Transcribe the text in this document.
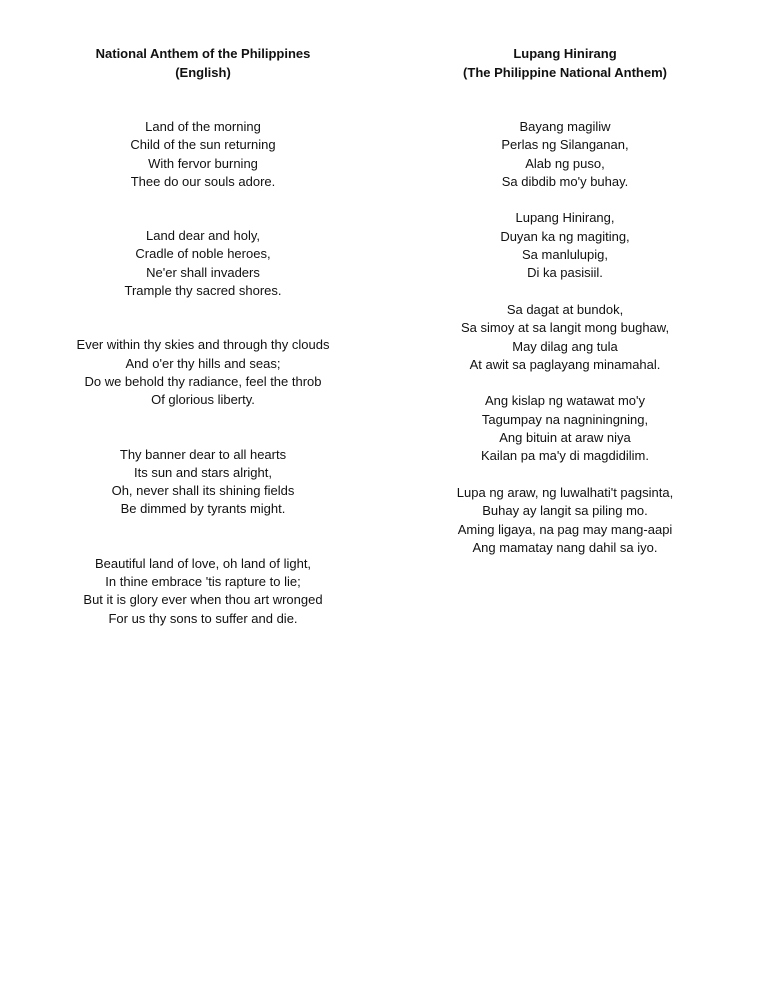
National Anthem of the Philippines
(English)
Land of the morning
Child of the sun returning
With fervor burning
Thee do our souls adore.
Land dear and holy,
Cradle of noble heroes,
Ne'er shall invaders
Trample thy sacred shores.
Ever within thy skies and through thy clouds
And o'er thy hills and seas;
Do we behold thy radiance, feel the throb
Of glorious liberty.
Thy banner dear to all hearts
Its sun and stars alright,
Oh, never shall its shining fields
Be dimmed by tyrants might.
Beautiful land of love, oh land of light,
In thine embrace 'tis rapture to lie;
But it is glory ever when thou art wronged
For us thy sons to suffer and die.
Lupang Hinirang
(The Philippine National Anthem)
Bayang magiliw
Perlas ng Silanganan,
Alab ng puso,
Sa dibdib mo'y buhay.
Lupang Hinirang,
Duyan ka ng magiting,
Sa manlulupig,
Di ka pasisiil.
Sa dagat at bundok,
Sa simoy at sa langit mong bughaw,
May dilag ang tula
At awit sa paglayang minamahal.
Ang kislap ng watawat mo'y
Tagumpay na nagniningning,
Ang bituin at araw niya
Kailan pa ma'y di magdidilim.
Lupa ng araw, ng luwalhati't pagsinta,
Buhay ay langit sa piling mo.
Aming ligaya, na pag may mang-aapi
Ang mamatay nang dahil sa iyo.
